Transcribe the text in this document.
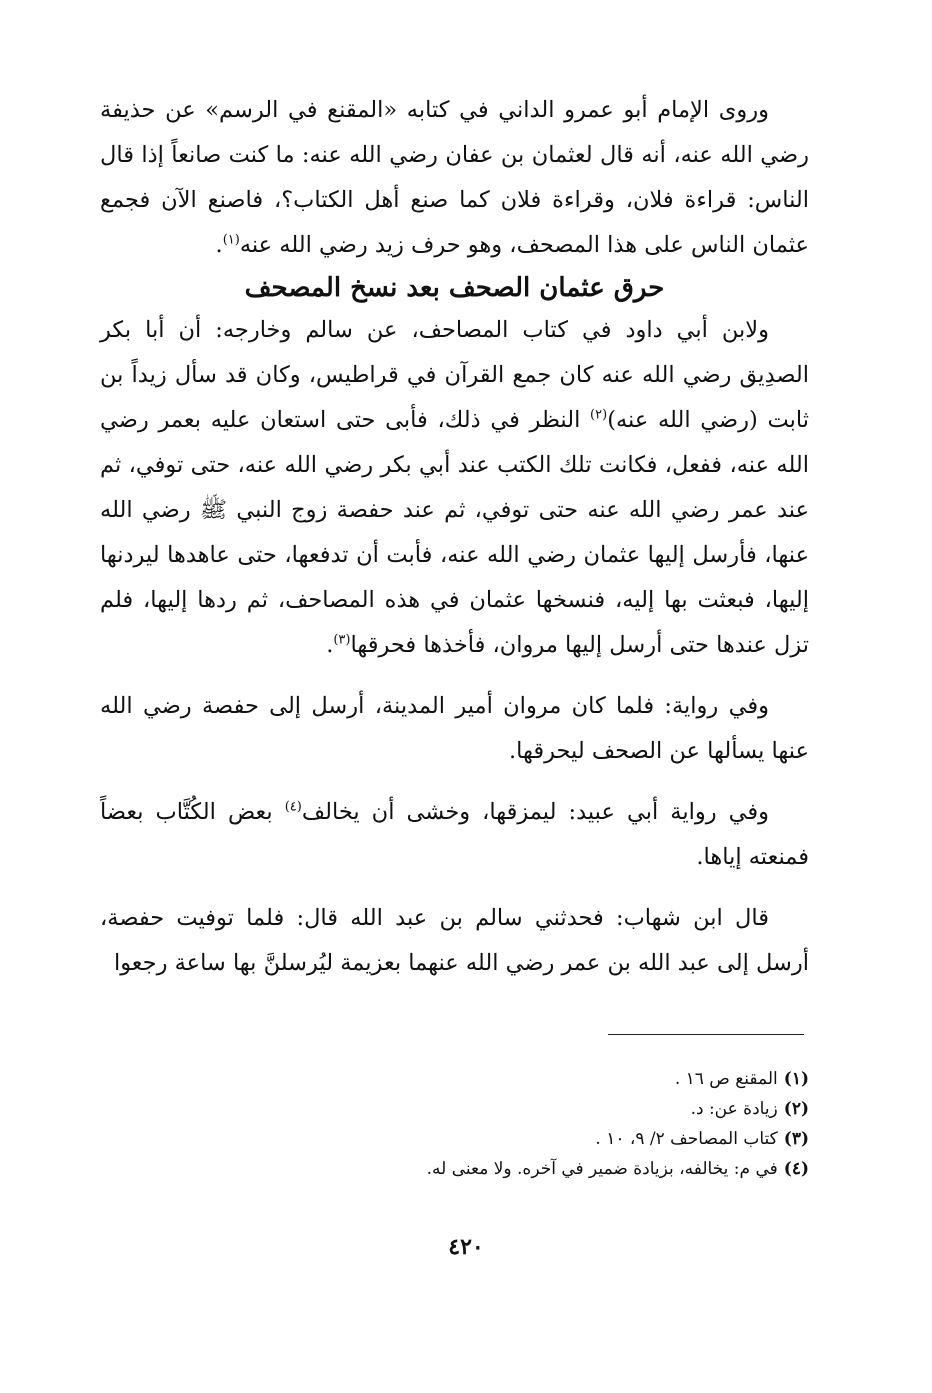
وروى الإمام أبو عمرو الداني في كتابه «المقنع في الرسم» عن حذيفة رضي الله عنه، أنه قال لعثمان بن عفان رضي الله عنه: ما كنت صانعاً إذا قال الناس: قراءة فلان، وقراءة فلان كما صنع أهل الكتاب؟، فاصنع الآن فجمع عثمان الناس على هذا المصحف، وهو حرف زيد رضي الله عنه$^{(١)}$.

حرق عثمان الصحف بعد نسخ المصحف

ولابن أبي داود في كتاب المصاحف، عن سالم وخارجه: أن أبا بكر الصدِيق رضي الله عنه كان جمع القرآن في قراطيس، وكان قد سأل زيداً بن ثابت (رضي الله عنه)$^{(٢)}$ النظر في ذلك، فأبى حتى استعان عليه بعمر رضي الله عنه، ففعل، فكانت تلك الكتب عند أبي بكر رضي الله عنه، حتى توفي، ثم عند عمر رضي الله عنه حتى توفي، ثم عند حفصة زوج النبي ﷺ رضي الله عنها، فأرسل إليها عثمان رضي الله عنه، فأبت أن تدفعها، حتى عاهدها ليردنها إليها، فبعثت بها إليه، فنسخها عثمان في هذه المصاحف، ثم ردها إليها، فلم تزل عندها حتى أرسل إليها مروان، فأخذها فحرقها$^{(٣)}$.

وفي رواية: فلما كان مروان أمير المدينة، أرسل إلى حفصة رضي الله عنها يسألها عن الصحف ليحرقها.

وفي رواية أبي عبيد: ليمزقها، وخشى أن يخالف$^{(٤)}$ بعض الكُتَّاب بعضاً فمنعته إياها.

قال ابن شهاب: فحدثني سالم بن عبد الله قال: فلما توفيت حفصة، أرسل إلى عبد الله بن عمر رضي الله عنهما بعزيمة ليُرسلنَّ بها ساعة رجعوا

(١)المقنع ص ١٦ .

(٢)زيادة عن: د.

(٣)كتاب المصاحف ٢/ ٩، ١٠ .

(٤)في م: يخالفه، بزيادة ضمير في آخره. ولا معنى له.

٤٢٠
